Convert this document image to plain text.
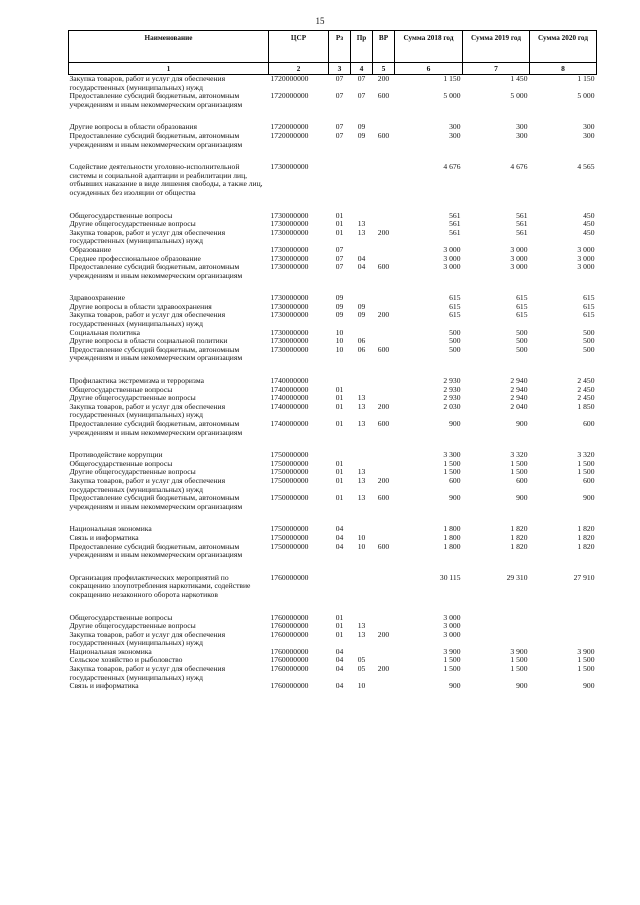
15
Наименование	ЦСР	Рз	Пр	ВР	Сумма 2018 год	Сумма 2019 год	Сумма 2020 год
1	2	3	4	5	6	7	8
Закупка товаров, работ и услуг для обеспечения государственных (муниципальных) нужд	1720000000	07	07	200	1 150	1 450	1 150
Предоставление субсидий бюджетным, автономным учреждениям и иным некоммерческим организациям	1720000000	07	07	600	5 000	5 000	5 000

Другие вопросы в области образования	1720000000	07	09		300	300	300
Предоставление субсидий бюджетным, автономным учреждениям и иным некоммерческим организациям	1720000000	07	09	600	300	300	300

Содействие деятельности уголовно-исполнительной системы и социальной адаптации и реабилитации лиц, отбывших наказание в виде лишения свободы, а также лиц, осужденных без изоляции от общества	1730000000				4 676	4 676	4 565

Общегосударственные вопросы	1730000000	01			561	561	450
Другие общегосударственные вопросы	1730000000	01	13		561	561	450
Закупка товаров, работ и услуг для обеспечения государственных (муниципальных) нужд	1730000000	01	13	200	561	561	450
Образование	1730000000	07			3 000	3 000	3 000
Среднее профессиональное образование	1730000000	07	04		3 000	3 000	3 000
Предоставление субсидий бюджетным, автономным учреждениям и иным некоммерческим организациям	1730000000	07	04	600	3 000	3 000	3 000

Здравоохранение	1730000000	09			615	615	615
Другие вопросы в области здравоохранения	1730000000	09	09		615	615	615
Закупка товаров, работ и услуг для обеспечения государственных (муниципальных) нужд	1730000000	09	09	200	615	615	615
Социальная политика	1730000000	10			500	500	500
Другие вопросы в области социальной политики	1730000000	10	06		500	500	500
Предоставление субсидий бюджетным, автономным учреждениям и иным некоммерческим организациям	1730000000	10	06	600	500	500	500

Профилактика экстремизма и терроризма	1740000000				2 930	2 940	2 450
Общегосударственные вопросы	1740000000	01			2 930	2 940	2 450
Другие общегосударственные вопросы	1740000000	01	13		2 930	2 940	2 450
Закупка товаров, работ и услуг для обеспечения государственных (муниципальных) нужд	1740000000	01	13	200	2 030	2 040	1 850
Предоставление субсидий бюджетным, автономным учреждениям и иным некоммерческим организациям	1740000000	01	13	600	900	900	600

Противодействие коррупции	1750000000				3 300	3 320	3 320
Общегосударственные вопросы	1750000000	01			1 500	1 500	1 500
Другие общегосударственные вопросы	1750000000	01	13		1 500	1 500	1 500
Закупка товаров, работ и услуг для обеспечения государственных (муниципальных) нужд	1750000000	01	13	200	600	600	600
Предоставление субсидий бюджетным, автономным учреждениям и иным некоммерческим организациям	1750000000	01	13	600	900	900	900

Национальная экономика	1750000000	04			1 800	1 820	1 820
Связь и информатика	1750000000	04	10		1 800	1 820	1 820
Предоставление субсидий бюджетным, автономным учреждениям и иным некоммерческим организациям	1750000000	04	10	600	1 800	1 820	1 820

Организация профилактических мероприятий по сокращению злоупотребления наркотиками, содействие сокращению незаконного оборота наркотиков	1760000000				30 115	29 310	27 910

Общегосударственные вопросы	1760000000	01			3 000		
Другие общегосударственные вопросы	1760000000	01	13		3 000		
Закупка товаров, работ и услуг для обеспечения государственных (муниципальных) нужд	1760000000	01	13	200	3 000		
Национальная экономика	1760000000	04			3 900	3 900	3 900
Сельское хозяйство и рыболовство	1760000000	04	05		1 500	1 500	1 500
Закупка товаров, работ и услуг для обеспечения государственных (муниципальных) нужд	1760000000	04	05	200	1 500	1 500	1 500
Связь и информатика	1760000000	04	10		900	900	900
